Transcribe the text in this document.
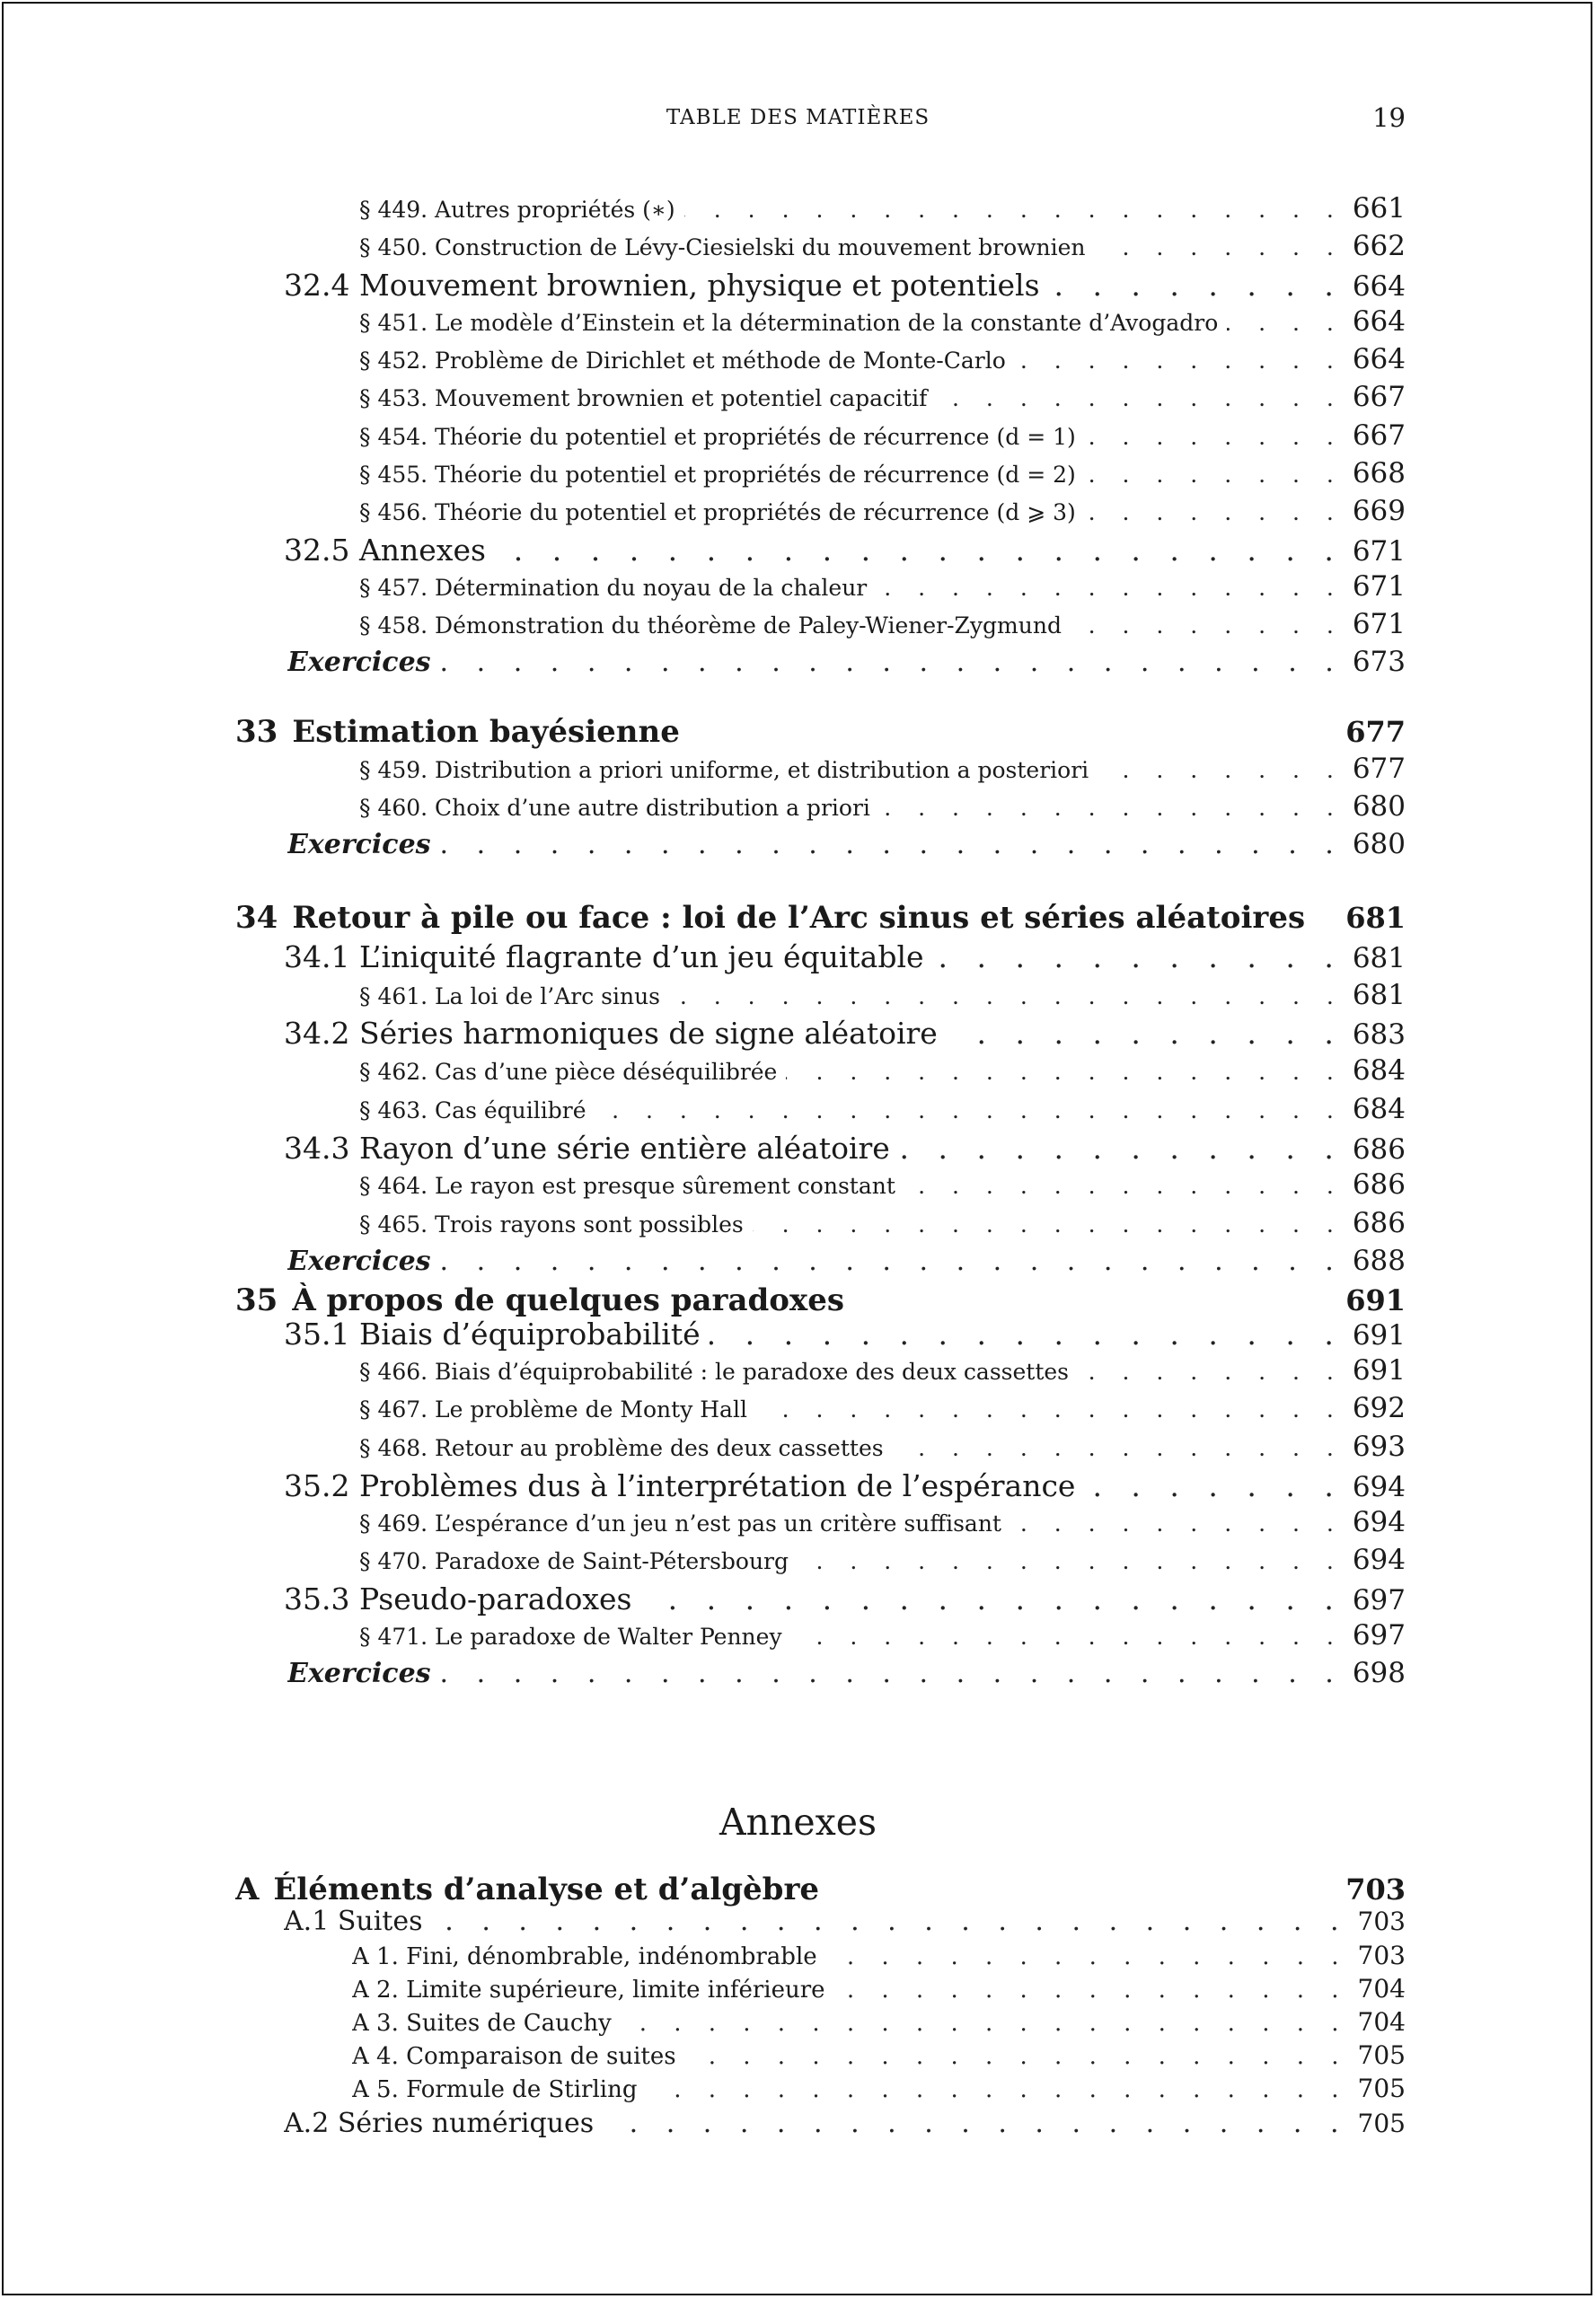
TABLE DES MATIÈRES	19
Annexes
§ 449. Autres propriétés (∗) . . .	661
§ 450. Construction de Lévy-Ciesielski du mouvement brownien . . .	662
32.4 Mouvement brownien, physique et potentiels . . .	664
§ 451. Le modèle d’Einstein et la détermination de la constante d’Avogadro . . .	664
§ 452. Problème de Dirichlet et méthode de Monte-Carlo . . .	664
§ 453. Mouvement brownien et potentiel capacitif . . .	667
§ 454. Théorie du potentiel et propriétés de récurrence (d = 1) . . .	667
§ 455. Théorie du potentiel et propriétés de récurrence (d = 2) . . .	668
§ 456. Théorie du potentiel et propriétés de récurrence (d ⩾ 3) . . .	669
32.5 Annexes . . .	671
§ 457. Détermination du noyau de la chaleur . . .	671
§ 458. Démonstration du théorème de Paley-Wiener-Zygmund . . .	671
Exercices . . .	673
33 Estimation bayésienne	677
§ 459. Distribution a priori uniforme, et distribution a posteriori . . .	677
§ 460. Choix d’une autre distribution a priori . . .	680
Exercices . . .	680
34 Retour à pile ou face : loi de l’Arc sinus et séries aléatoires 681
34.1 L’iniquité flagrante d’un jeu équitable . . .	681
§ 461. La loi de l’Arc sinus . . .	681
34.2 Séries harmoniques de signe aléatoire . . .	683
§ 462. Cas d’une pièce déséquilibrée . . .	684
§ 463. Cas équilibré . . .	684
34.3 Rayon d’une série entière aléatoire . . .	686
§ 464. Le rayon est presque sûrement constant . . .	686
§ 465. Trois rayons sont possibles . . .	686
Exercices . . .	688
35 À propos de quelques paradoxes	691
35.1 Biais d’équiprobabilité . . .	691
§ 466. Biais d’équiprobabilité : le paradoxe des deux cassettes . . .	691
§ 467. Le problème de Monty Hall . . .	692
§ 468. Retour au problème des deux cassettes . . .	693
35.2 Problèmes dus à l’interprétation de l’espérance . . .	694
§ 469. L’espérance d’un jeu n’est pas un critère suffisant . . .	694
§ 470. Paradoxe de Saint-Pétersbourg . . .	694
35.3 Pseudo-paradoxes . . .	697
§ 471. Le paradoxe de Walter Penney . . .	697
Exercices . . .	698
A Éléments d’analyse et d’algèbre	703
A.1 Suites . . .	703
A 1. Fini, dénombrable, indénombrable . . .	703
A 2. Limite supérieure, limite inférieure . . .	704
A 3. Suites de Cauchy . . .	704
A 4. Comparaison de suites . . .	705
A 5. Formule de Stirling . . .	705
A.2 Séries numériques . . .	705
